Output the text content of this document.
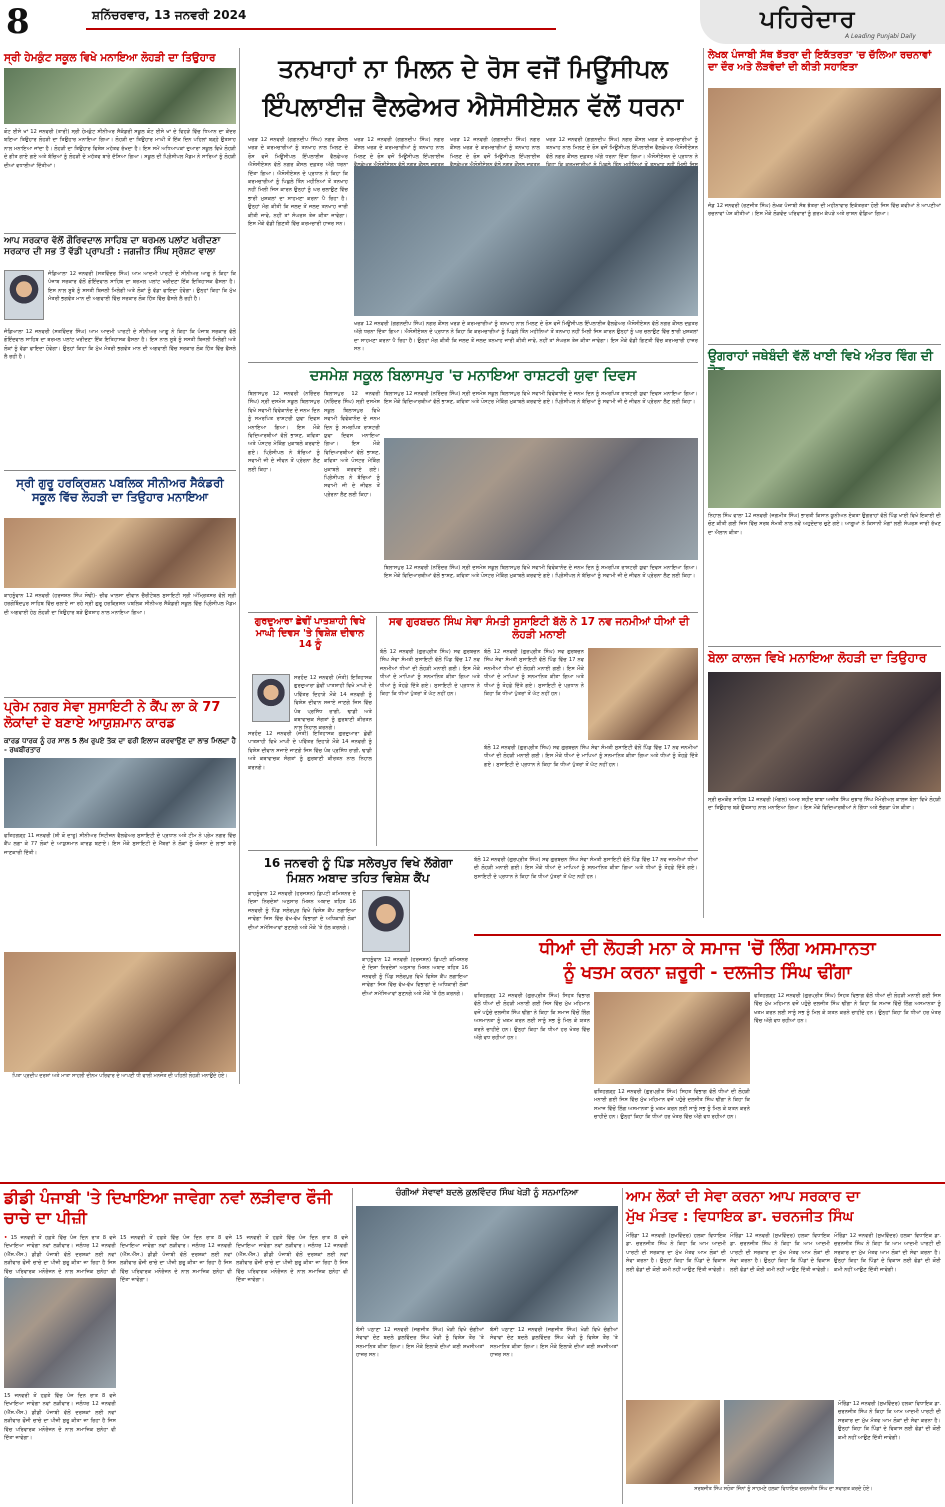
8	ਸ਼ਨਿੱਚਰਵਾਰ, 13 ਜਨਵਰੀ 2024	ਪਹਿਰੇਦਾਰ
A Leading Punjabi Daily
ਸ੍ਰੀ ਹੇਮਕੁੰਟ ਸਕੂਲ ਵਿਖੇ ਮਨਾਇਆ ਲੋਹੜੀ ਦਾ ਤਿਉਹਾਰ
ਕੋਟ ਈਸੇ ਖਾਂ 12 ਜਨਵਰੀ (ਤਾਰੀ) ਸ੍ਰੀ ਹੇਮਕੁੰਟ ਸੀਨੀਅਰ ਸੈਕੰਡਰੀ ਸਕੂਲ ਕੋਟ ਈਸੇ ਖਾਂ ਦੇ ਵਿਹੜੇ ਵਿੱਚ ਧਿਆਨ ਦਾ ਕੇਂਦਰ ਬਣਿਆ ਤਿਉਹਾਰ ਲੋਹੜੀ ਦਾ ਤਿਉਹਾਰ ਮਨਾਇਆ ਗਿਆ। ਲੋਹੜੀ ਦਾ ਤਿਉਹਾਰ ਮਾਘੀ ਤੋਂ ਇੱਕ ਦਿਨ ਪਹਿਲਾਂ ਬੜ੍ਹੇ ਉਤਸ਼ਾਹ ਨਾਲ ਮਨਾਇਆ ਜਾਂਦਾ ਹੈ। ਲੋਹੜੀ ਦਾ ਤਿਉਹਾਰ ਵਿਸ਼ੇਸ਼ ਮਹੱਤਵ ਰੱਖਦਾ ਹੈ। ਇਸ ਸਮੇਂ ਅਧਿਆਪਕਾਂ ਦੁਆਰਾ ਸਕੂਲ ਵਿਖੇ ਲੋਹੜੀ ਦੇ ਗੀਤ ਗਾਏ ਗਏ ਅਤੇ ਬੱਚਿਆਂ ਨੂੰ ਲੋਹੜੀ ਦੇ ਮਹੱਤਵ ਬਾਰੇ ਦੱਸਿਆ ਗਿਆ। ਸਕੂਲ ਦੀ ਪ੍ਰਿੰਸੀਪਲ ਮੈਡਮ ਨੇ ਸਾਰਿਆਂ ਨੂੰ ਲੋਹੜੀ ਦੀਆਂ ਵਧਾਈਆਂ ਦਿੱਤੀਆਂ।
ਆਪ ਸਰਕਾਰ ਵੱਲੋਂ ਗੌਰਿਵਦਾਲ ਸਾਹਿਬ ਦਾ ਥਰਮਲ ਪਲਾਂਟ ਖਰੀਦਣਾ ਸਰਕਾਰ ਦੀ ਸਭ ਤੋਂ ਵੱਡੀ ਪ੍ਰਾਪਤੀ : ਜਗਜੀਤ ਸਿੰਘ ਸ੍ਰੋਸ਼ਟ ਵਾਲਾ
ਜੰਡਿਆਲਾ 12 ਜਨਵਰੀ (ਸਤਵਿੰਦਰ ਸਿੰਘ) ਆਮ ਆਦਮੀ ਪਾਰਟੀ ਦੇ ਸੀਨੀਅਰ ਆਗੂ ਨੇ ਕਿਹਾ ਕਿ ਪੰਜਾਬ ਸਰਕਾਰ ਵੱਲੋਂ ਗੋਇੰਦਵਾਲ ਸਾਹਿਬ ਦਾ ਥਰਮਲ ਪਲਾਂਟ ਖਰੀਦਣਾ ਇੱਕ ਇਤਿਹਾਸਕ ਫੈਸਲਾ ਹੈ। ਇਸ ਨਾਲ ਸੂਬੇ ਨੂੰ ਸਸਤੀ ਬਿਜਲੀ ਮਿਲੇਗੀ ਅਤੇ ਲੋਕਾਂ ਨੂੰ ਵੱਡਾ ਫਾਇਦਾ ਹੋਵੇਗਾ। ਉਨ੍ਹਾਂ ਕਿਹਾ ਕਿ ਮੁੱਖ ਮੰਤਰੀ ਭਗਵੰਤ ਮਾਨ ਦੀ ਅਗਵਾਈ ਵਿੱਚ ਸਰਕਾਰ ਲੋਕ ਹਿੱਤ ਵਿੱਚ ਫੈਸਲੇ ਲੈ ਰਹੀ ਹੈ।
ਜੰਡਿਆਲਾ 12 ਜਨਵਰੀ (ਸਤਵਿੰਦਰ ਸਿੰਘ) ਆਮ ਆਦਮੀ ਪਾਰਟੀ ਦੇ ਸੀਨੀਅਰ ਆਗੂ ਨੇ ਕਿਹਾ ਕਿ ਪੰਜਾਬ ਸਰਕਾਰ ਵੱਲੋਂ ਗੋਇੰਦਵਾਲ ਸਾਹਿਬ ਦਾ ਥਰਮਲ ਪਲਾਂਟ ਖਰੀਦਣਾ ਇੱਕ ਇਤਿਹਾਸਕ ਫੈਸਲਾ ਹੈ। ਇਸ ਨਾਲ ਸੂਬੇ ਨੂੰ ਸਸਤੀ ਬਿਜਲੀ ਮਿਲੇਗੀ ਅਤੇ ਲੋਕਾਂ ਨੂੰ ਵੱਡਾ ਫਾਇਦਾ ਹੋਵੇਗਾ। ਉਨ੍ਹਾਂ ਕਿਹਾ ਕਿ ਮੁੱਖ ਮੰਤਰੀ ਭਗਵੰਤ ਮਾਨ ਦੀ ਅਗਵਾਈ ਵਿੱਚ ਸਰਕਾਰ ਲੋਕ ਹਿੱਤ ਵਿੱਚ ਫੈਸਲੇ ਲੈ ਰਹੀ ਹੈ।
ਸ੍ਰੀ ਗੁਰੂ ਹਰਕ੍ਰਿਸ਼ਨ ਪਬਲਿਕ ਸੀਨੀਅਰ ਸੈਕੰਡਰੀ ਸਕੂਲ ਵਿੱਚ ਲੋਹੜੀ ਦਾ ਤਿਉਹਾਰ ਮਨਾਇਆ
ਕਾਹਨੂੰਵਾਨ 12 ਜਨਵਰੀ (ਹਰਜਸ਼ਨ ਸਿੰਘ ਸੋਢੀ)- ਚੀਫ ਖਾਲਸਾ ਦੀਵਾਨ ਚੈਰੀਟੇਬਲ ਸੁਸਾਇਟੀ ਸ੍ਰੀ ਅੰਮ੍ਰਿਤਸਰ ਵੱਲੋਂ ਸ੍ਰੀ ਹਰਗੋਬਿੰਦਪੁਰ ਸਾਹਿਬ ਵਿੱਚ ਚਲਾਏ ਜਾ ਰਹੇ ਸ੍ਰੀ ਗੁਰੂ ਹਰਕ੍ਰਿਸ਼ਨ ਪਬਲਿਕ ਸੀਨੀਅਰ ਸੈਕੰਡਰੀ ਸਕੂਲ ਵਿੱਚ ਪ੍ਰਿੰਸੀਪਲ ਮੈਡਮ ਦੀ ਅਗਵਾਈ ਹੇਠ ਲੋਹੜੀ ਦਾ ਤਿਉਹਾਰ ਬੜੇ ਉਤਸ਼ਾਹ ਨਾਲ ਮਨਾਇਆ ਗਿਆ।
ਪ੍ਰੇਮ ਨਗਰ ਸੇਵਾ ਸੁਸਾਇਟੀ ਨੇ ਕੈਂਪ ਲਾ ਕੇ 77 ਲੋਕਾਂਦਾਂ ਦੇ ਬਣਾਏ ਆਯੁਸ਼ਮਾਨ ਕਾਰਡ
ਕਾਰਡ ਧਾਰਕ ਨੂੰ ਹਰ ਸਾਲ 5 ਲੱਖ ਰੁਪਏ ਤੱਕ ਦਾ ਫਰੀ ਇਲਾਜ ਕਰਵਾਉਣ ਦਾ ਲਾਭ ਮਿਲਦਾ ਹੈ - ਰਘਬੀਰਤਾਰ
ਫਤਿਹਗੜ੍ਹ 11 ਜਨਵਰੀ (ਸ਼ੀ ਕੋ ਦਾਤੂ) ਸੀਨੀਅਰ ਸਿਟੀਜ਼ਨ ਵੈਲਫੇਅਰ ਸੁਸਾਇਟੀ ਦੇ ਪ੍ਰਧਾਨ ਅਤੇ ਟੀਮ ਨੇ ਪ੍ਰੇਮ ਨਗਰ ਵਿੱਚ ਕੈਂਪ ਲਗਾ ਕੇ 77 ਲੋਕਾਂ ਦੇ ਆਯੁਸ਼ਮਾਨ ਕਾਰਡ ਬਣਾਏ। ਇਸ ਮੌਕੇ ਸੁਸਾਇਟੀ ਦੇ ਮੈਂਬਰਾਂ ਨੇ ਲੋਕਾਂ ਨੂੰ ਯੋਜਨਾ ਦੇ ਲਾਭਾਂ ਬਾਰੇ ਜਾਣਕਾਰੀ ਦਿੱਤੀ।
ਪਿਤਾ ਪ੍ਰਦੀਪ ਦਰਸ਼ਾਂ ਅਤੇ ਮਾਤਾ ਸਾਹਲੀ ਦੀਨਮ ਪਰਿਵਾਰ ਦੇ ਆਪਣੀ ਧੀ ਵਾਲੀ ਮਨਜੋਤ ਦੀ ਪਹਿਲੀ ਲੋਹੜੀ ਮਨਾਉਂਦੇ ਹੋਏ।
ਤਨਖਾਹਾਂ ਨਾ ਮਿਲਨ ਦੇ ਰੋਸ ਵਜੋਂ ਮਿਊਂਸੀਪਲ
ਇੰਪਲਾਈਜ਼ ਵੈਲਫੇਅਰ ਐਸੋਸੀਏਸ਼ਨ ਵੱਲੋਂ ਧਰਨਾ
ਖਰੜ 12 ਜਨਵਰੀ (ਗਗਨਦੀਪ ਸਿੰਘ) ਨਗਰ ਕੌਂਸਲ ਖਰੜ ਦੇ ਕਰਮਚਾਰੀਆਂ ਨੂੰ ਤਨਖਾਹ ਨਾਲ ਮਿਲਣ ਦੇ ਰੋਸ ਵਜੋਂ ਮਿਊਂਸੀਪਲ ਇੰਪਲਾਈਜ਼ ਵੈਲਫੇਅਰ ਐਸੋਸੀਏਸ਼ਨ ਵੱਲੋਂ ਨਗਰ ਕੌਂਸਲ ਦਫ਼ਤਰ ਅੱਗੇ ਧਰਨਾ ਦਿੱਤਾ ਗਿਆ। ਐਸੋਸੀਏਸ਼ਨ ਦੇ ਪ੍ਰਧਾਨ ਨੇ ਕਿਹਾ ਕਿ ਕਰਮਚਾਰੀਆਂ ਨੂੰ ਪਿਛਲੇ ਤਿੰਨ ਮਹੀਨਿਆਂ ਤੋਂ ਤਨਖਾਹ ਨਹੀਂ ਮਿਲੀ ਜਿਸ ਕਾਰਨ ਉਨ੍ਹਾਂ ਨੂੰ ਘਰ ਚਲਾਉਣ ਵਿੱਚ ਭਾਰੀ ਮੁਸ਼ਕਲਾਂ ਦਾ ਸਾਹਮਣਾ ਕਰਨਾ ਪੈ ਰਿਹਾ ਹੈ। ਉਨ੍ਹਾਂ ਮੰਗ ਕੀਤੀ ਕਿ ਜਲਦ ਤੋਂ ਜਲਦ ਤਨਖਾਹ ਜਾਰੀ ਕੀਤੀ ਜਾਵੇ, ਨਹੀਂ ਤਾਂ ਸੰਘਰਸ਼ ਤੇਜ਼ ਕੀਤਾ ਜਾਵੇਗਾ। ਇਸ ਮੌਕੇ ਵੱਡੀ ਗਿਣਤੀ ਵਿੱਚ ਕਰਮਚਾਰੀ ਹਾਜ਼ਰ ਸਨ।
ਖਰੜ 12 ਜਨਵਰੀ (ਗਗਨਦੀਪ ਸਿੰਘ) ਨਗਰ ਕੌਂਸਲ ਖਰੜ ਦੇ ਕਰਮਚਾਰੀਆਂ ਨੂੰ ਤਨਖਾਹ ਨਾਲ ਮਿਲਣ ਦੇ ਰੋਸ ਵਜੋਂ ਮਿਊਂਸੀਪਲ ਇੰਪਲਾਈਜ਼
ਖਰੜ 12 ਜਨਵਰੀ (ਗਗਨਦੀਪ ਸਿੰਘ) ਨਗਰ ਕੌਂਸਲ ਖਰੜ ਦੇ ਕਰਮਚਾਰੀਆਂ ਨੂੰ ਤਨਖਾਹ ਨਾਲ ਮਿਲਣ ਦੇ ਰੋਸ ਵਜੋਂ ਮਿਊਂਸੀਪਲ ਇੰਪਲਾਈਜ਼
ਖਰੜ 12 ਜਨਵਰੀ (ਗਗਨਦੀਪ ਸਿੰਘ) ਨਗਰ ਕੌਂਸਲ ਖਰੜ ਦੇ ਕਰਮਚਾਰੀਆਂ ਨੂੰ ਤਨਖਾਹ ਨਾਲ ਮਿਲਣ ਦੇ ਰੋਸ ਵਜੋਂ ਮਿਊਂਸੀਪਲ ਇੰਪਲਾਈਜ਼ ਵੈਲਫੇਅਰ ਐਸੋਸੀਏਸ਼ਨ ਵੱਲੋਂ ਨਗਰ ਕੌਂਸਲ ਦਫ਼ਤਰ ਅੱਗੇ ਧਰਨਾ ਦਿੱਤਾ ਗਿਆ। ਐਸੋਸੀਏਸ਼ਨ ਦੇ ਪ੍ਰਧਾਨ ਨੇ
ਖਰੜ 12 ਜਨਵਰੀ (ਗਗਨਦੀਪ ਸਿੰਘ) ਨਗਰ ਕੌਂਸਲ ਖਰੜ ਦੇ ਕਰਮਚਾਰੀਆਂ ਨੂੰ ਤਨਖਾਹ ਨਾਲ ਮਿਲਣ ਦੇ ਰੋਸ ਵਜੋਂ ਮਿਊਂਸੀਪਲ ਇੰਪਲਾਈਜ਼ ਵੈਲਫੇਅਰ ਐਸੋਸੀਏਸ਼ਨ ਵੱਲੋਂ ਨਗਰ ਕੌਂਸਲ ਦਫ਼ਤਰ ਅੱਗੇ ਧਰਨਾ ਦਿੱਤਾ ਗਿਆ। ਐਸੋਸੀਏਸ਼ਨ ਦੇ ਪ੍ਰਧਾਨ ਨੇ ਕਿਹਾ ਕਿ ਕਰਮਚਾਰੀਆਂ ਨੂੰ ਪਿਛਲੇ ਤਿੰਨ ਮਹੀਨਿਆਂ ਤੋਂ ਤਨਖਾਹ ਨਹੀਂ ਮਿਲੀ ਜਿਸ ਕਾਰਨ ਉਨ੍ਹਾਂ ਨੂੰ ਘਰ ਚਲਾਉਣ ਵਿੱਚ ਭਾਰੀ ਮੁਸ਼ਕਲਾਂ ਦਾ ਸਾਹਮਣਾ ਕਰਨਾ ਪੈ ਰਿਹਾ ਹੈ। ਉਨ੍ਹਾਂ ਮੰਗ ਕੀਤੀ ਕਿ ਜਲਦ ਤੋਂ ਜਲਦ ਤਨਖਾਹ ਜਾਰੀ ਕੀਤੀ ਜਾਵੇ, ਨਹੀਂ ਤਾਂ ਸੰਘਰਸ਼ ਤੇਜ਼ ਕੀਤਾ ਜਾਵੇਗਾ। ਇਸ ਮੌਕੇ ਵੱਡੀ ਗਿਣਤੀ ਵਿੱਚ ਕਰਮਚਾਰੀ ਹਾਜ਼ਰ ਸਨ।
ਦਸਮੇਸ਼ ਸਕੂਲ ਬਿਲਾਸਪੁਰ 'ਚ ਮਨਾਇਆ ਰਾਸ਼ਟਰੀ ਯੁਵਾ ਦਿਵਸ
ਬਿਲਾਸਪੁਰ 12 ਜਨਵਰੀ (ਨਰਿੰਦਰ ਸਿੰਘ) ਸ੍ਰੀ ਦਸਮੇਸ਼ ਸਕੂਲ ਬਿਲਾਸਪੁਰ ਵਿਖੇ ਸਵਾਮੀ ਵਿਵੇਕਾਨੰਦ ਦੇ ਜਨਮ ਦਿਨ ਨੂੰ ਸਮਰਪਿਤ ਰਾਸ਼ਟਰੀ ਯੁਵਾ ਦਿਵਸ ਮਨਾਇਆ ਗਿਆ। ਇਸ ਮੌਕੇ ਵਿਦਿਆਰਥੀਆਂ ਵੱਲੋਂ ਭਾਸ਼ਣ, ਕਵਿਤਾ ਅਤੇ ਪੋਸਟਰ ਮੇਕਿੰਗ ਮੁਕਾਬਲੇ ਕਰਵਾਏ ਗਏ। ਪ੍ਰਿੰਸੀਪਲ ਨੇ ਬੱਚਿਆਂ ਨੂੰ ਸਵਾਮੀ ਜੀ ਦੇ ਜੀਵਨ ਤੋਂ ਪ੍ਰੇਰਨਾ ਲੈਣ ਲਈ ਕਿਹਾ।
ਬਿਲਾਸਪੁਰ 12 ਜਨਵਰੀ (ਨਰਿੰਦਰ ਸਿੰਘ) ਸ੍ਰੀ ਦਸਮੇਸ਼ ਸਕੂਲ ਬਿਲਾਸਪੁਰ ਵਿਖੇ ਸਵਾਮੀ ਵਿਵੇਕਾਨੰਦ ਦੇ ਜਨਮ ਦਿਨ ਨੂੰ ਸਮਰਪਿਤ ਰਾਸ਼ਟਰੀ ਯੁਵਾ ਦਿਵਸ ਮਨਾਇਆ ਗਿਆ। ਇਸ ਮੌਕੇ ਵਿਦਿਆਰਥੀਆਂ ਵੱਲੋਂ ਭਾਸ਼ਣ, ਕਵਿਤਾ ਅਤੇ ਪੋਸਟਰ ਮੇਕਿੰਗ ਮੁਕਾਬਲੇ ਕਰਵਾਏ ਗਏ। ਪ੍ਰਿੰਸੀਪਲ ਨੇ ਬੱਚਿਆਂ ਨੂੰ ਸਵਾਮੀ ਜੀ ਦੇ ਜੀਵਨ ਤੋਂ ਪ੍ਰੇਰਨਾ ਲੈਣ ਲਈ ਕਿਹਾ।
ਬਿਲਾਸਪੁਰ 12 ਜਨਵਰੀ (ਨਰਿੰਦਰ ਸਿੰਘ) ਸ੍ਰੀ ਦਸਮੇਸ਼ ਸਕੂਲ ਬਿਲਾਸਪੁਰ ਵਿਖੇ ਸਵਾਮੀ ਵਿਵੇਕਾਨੰਦ ਦੇ ਜਨਮ ਦਿਨ ਨੂੰ ਸਮਰਪਿਤ ਰਾਸ਼ਟਰੀ ਯੁਵਾ ਦਿਵਸ ਮਨਾਇਆ ਗਿਆ। ਇਸ ਮੌਕੇ ਵਿਦਿਆਰਥੀਆਂ ਵੱਲੋਂ ਭਾਸ਼ਣ, ਕਵਿਤਾ ਅਤੇ ਪੋਸਟਰ ਮੇਕਿੰਗ ਮੁਕਾਬਲੇ ਕਰਵਾਏ ਗਏ। ਪ੍ਰਿੰਸੀਪਲ ਨੇ ਬੱਚਿਆਂ ਨੂੰ ਸਵਾਮੀ ਜੀ ਦੇ ਜੀਵਨ ਤੋਂ ਪ੍ਰੇਰਨਾ ਲੈਣ ਲਈ ਕਿਹਾ।
ਬਿਲਾਸਪੁਰ 12 ਜਨਵਰੀ (ਨਰਿੰਦਰ ਸਿੰਘ) ਸ੍ਰੀ ਦਸਮੇਸ਼ ਸਕੂਲ ਬਿਲਾਸਪੁਰ ਵਿਖੇ ਸਵਾਮੀ ਵਿਵੇਕਾਨੰਦ ਦੇ ਜਨਮ ਦਿਨ ਨੂੰ ਸਮਰਪਿਤ ਰਾਸ਼ਟਰੀ ਯੁਵਾ ਦਿਵਸ ਮਨਾਇਆ ਗਿਆ। ਇਸ ਮੌਕੇ ਵਿਦਿਆਰਥੀਆਂ ਵੱਲੋਂ ਭਾਸ਼ਣ, ਕਵਿਤਾ ਅਤੇ ਪੋਸਟਰ ਮੇਕਿੰਗ ਮੁਕਾਬਲੇ ਕਰਵਾਏ ਗਏ। ਪ੍ਰਿੰਸੀਪਲ ਨੇ ਬੱਚਿਆਂ ਨੂੰ ਸਵਾਮੀ ਜੀ ਦੇ ਜੀਵਨ ਤੋਂ ਪ੍ਰੇਰਨਾ ਲੈਣ ਲਈ ਕਿਹਾ।
ਗੁਰਦੁਆਰਾ ਛੇਵੀਂ ਪਾਤਸ਼ਾਹੀ ਵਿਖੇ ਮਾਘੀ ਦਿਵਸ 'ਤੇ ਵਿਸ਼ੇਸ਼ ਦੀਵਾਨ 14 ਨੂੰ
ਸਰਹੰਦ 12 ਜਨਵਰੀ (ਜੋਤੀ) ਇਤਿਹਾਸਕ ਗੁਰਦੁਆਰਾ ਛੇਵੀਂ ਪਾਤਸ਼ਾਹੀ ਵਿਖੇ ਮਾਘੀ ਦੇ ਪਵਿੱਤਰ ਦਿਹਾੜੇ ਮੌਕੇ 14 ਜਨਵਰੀ ਨੂੰ ਵਿਸ਼ੇਸ਼ ਦੀਵਾਨ ਸਜਾਏ ਜਾਣਗੇ ਜਿਸ ਵਿੱਚ ਪੰਥ ਪ੍ਰਸਿੱਧ ਰਾਗੀ, ਢਾਡੀ ਅਤੇ ਕਥਾਵਾਚਕ ਸੰਗਤਾਂ ਨੂੰ ਗੁਰਬਾਣੀ ਕੀਰਤਨ ਨਾਲ ਨਿਹਾਲ ਕਰਨਗੇ।
ਸਰਹੰਦ 12 ਜਨਵਰੀ (ਜੋਤੀ) ਇਤਿਹਾਸਕ ਗੁਰਦੁਆਰਾ ਛੇਵੀਂ ਪਾਤਸ਼ਾਹੀ ਵਿਖੇ ਮਾਘੀ ਦੇ ਪਵਿੱਤਰ ਦਿਹਾੜੇ ਮੌਕੇ 14 ਜਨਵਰੀ ਨੂੰ ਵਿਸ਼ੇਸ਼ ਦੀਵਾਨ ਸਜਾਏ ਜਾਣਗੇ ਜਿਸ ਵਿੱਚ ਪੰਥ ਪ੍ਰਸਿੱਧ ਰਾਗੀ, ਢਾਡੀ ਅਤੇ ਕਥਾਵਾਚਕ ਸੰਗਤਾਂ ਨੂੰ ਗੁਰਬਾਣੀ ਕੀਰਤਨ ਨਾਲ ਨਿਹਾਲ ਕਰਨਗੇ।
ਸਵ ਗੁਰਬਚਨ ਸਿੰਘ ਸੇਵਾ ਸੰਮਤੀ ਸੁਸਾਇਟੀ ਬੱਲੋ ਨੇ 17 ਨਵ ਜਨਮੀਆਂ ਧੀਆਂ ਦੀ ਲੋਹੜੀ ਮਨਾਈ
ਬੱਲੋ 12 ਜਨਵਰੀ (ਗੁਰਪ੍ਰੀਤ ਸਿੰਘ) ਸਵ ਗੁਰਬਚਨ ਸਿੰਘ ਸੇਵਾ ਸੰਮਤੀ ਸੁਸਾਇਟੀ ਵੱਲੋਂ ਪਿੰਡ ਵਿੱਚ 17 ਨਵ ਜਨਮੀਆਂ ਧੀਆਂ ਦੀ ਲੋਹੜੀ ਮਨਾਈ ਗਈ। ਇਸ ਮੌਕੇ ਧੀਆਂ ਦੇ ਮਾਪਿਆਂ ਨੂੰ ਸਨਮਾਨਿਤ ਕੀਤਾ ਗਿਆ ਅਤੇ ਧੀਆਂ ਨੂੰ ਤੋਹਫ਼ੇ ਦਿੱਤੇ ਗਏ। ਸੁਸਾਇਟੀ ਦੇ ਪ੍ਰਧਾਨ ਨੇ ਕਿਹਾ ਕਿ ਧੀਆਂ ਪੁੱਤਰਾਂ ਤੋਂ ਘੱਟ ਨਹੀਂ ਹਨ।
ਬੱਲੋ 12 ਜਨਵਰੀ (ਗੁਰਪ੍ਰੀਤ ਸਿੰਘ) ਸਵ ਗੁਰਬਚਨ ਸਿੰਘ ਸੇਵਾ ਸੰਮਤੀ ਸੁਸਾਇਟੀ ਵੱਲੋਂ ਪਿੰਡ ਵਿੱਚ 17 ਨਵ ਜਨਮੀਆਂ ਧੀਆਂ ਦੀ ਲੋਹੜੀ ਮਨਾਈ ਗਈ। ਇਸ ਮੌਕੇ ਧੀਆਂ ਦੇ ਮਾਪਿਆਂ ਨੂੰ ਸਨਮਾਨਿਤ ਕੀਤਾ ਗਿਆ ਅਤੇ ਧੀਆਂ ਨੂੰ ਤੋਹਫ਼ੇ ਦਿੱਤੇ ਗਏ। ਸੁਸਾਇਟੀ ਦੇ ਪ੍ਰਧਾਨ ਨੇ ਕਿਹਾ ਕਿ ਧੀਆਂ ਪੁੱਤਰਾਂ ਤੋਂ ਘੱਟ ਨਹੀਂ ਹਨ।
ਬੱਲੋ 12 ਜਨਵਰੀ (ਗੁਰਪ੍ਰੀਤ ਸਿੰਘ) ਸਵ ਗੁਰਬਚਨ ਸਿੰਘ ਸੇਵਾ ਸੰਮਤੀ ਸੁਸਾਇਟੀ ਵੱਲੋਂ ਪਿੰਡ ਵਿੱਚ 17 ਨਵ ਜਨਮੀਆਂ ਧੀਆਂ ਦੀ ਲੋਹੜੀ ਮਨਾਈ ਗਈ। ਇਸ ਮੌਕੇ ਧੀਆਂ ਦੇ ਮਾਪਿਆਂ ਨੂੰ ਸਨਮਾਨਿਤ ਕੀਤਾ ਗਿਆ ਅਤੇ ਧੀਆਂ ਨੂੰ ਤੋਹਫ਼ੇ ਦਿੱਤੇ ਗਏ। ਸੁਸਾਇਟੀ ਦੇ ਪ੍ਰਧਾਨ ਨੇ ਕਿਹਾ ਕਿ ਧੀਆਂ ਪੁੱਤਰਾਂ ਤੋਂ ਘੱਟ ਨਹੀਂ ਹਨ।
16 ਜਨਵਰੀ ਨੂੰ ਪਿੰਡ ਸਲੇਰਪੁਰ ਵਿਖੇ ਲੱਗੇਗਾ ਮਿਸ਼ਨ ਅਬਾਦ ਤਹਿਤ ਵਿਸ਼ੇਸ਼ ਕੈਂਪ
ਕਾਹਨੂੰਵਾਨ 12 ਜਨਵਰੀ (ਹਰਜਸ਼ਨ) ਡਿਪਟੀ ਕਮਿਸ਼ਨਰ ਦੇ ਦਿਸ਼ਾ ਨਿਰਦੇਸ਼ਾਂ ਅਨੁਸਾਰ ਮਿਸ਼ਨ ਅਬਾਦ ਤਹਿਤ 16 ਜਨਵਰੀ ਨੂੰ ਪਿੰਡ ਸਲੇਰਪੁਰ ਵਿਖੇ ਵਿਸ਼ੇਸ਼ ਕੈਂਪ ਲਗਾਇਆ ਜਾਵੇਗਾ ਜਿਸ ਵਿੱਚ ਵੱਖ-ਵੱਖ ਵਿਭਾਗਾਂ ਦੇ ਅਧਿਕਾਰੀ ਲੋਕਾਂ ਦੀਆਂ ਸਮੱਸਿਆਵਾਂ ਸੁਣਨਗੇ ਅਤੇ ਮੌਕੇ 'ਤੇ ਹੱਲ ਕਰਨਗੇ।
ਕਾਹਨੂੰਵਾਨ 12 ਜਨਵਰੀ (ਹਰਜਸ਼ਨ) ਡਿਪਟੀ ਕਮਿਸ਼ਨਰ ਦੇ ਦਿਸ਼ਾ ਨਿਰਦੇਸ਼ਾਂ ਅਨੁਸਾਰ ਮਿਸ਼ਨ ਅਬਾਦ ਤਹਿਤ 16 ਜਨਵਰੀ ਨੂੰ ਪਿੰਡ ਸਲੇਰਪੁਰ ਵਿਖੇ ਵਿਸ਼ੇਸ਼ ਕੈਂਪ ਲਗਾਇਆ ਜਾਵੇਗਾ ਜਿਸ ਵਿੱਚ ਵੱਖ-ਵੱਖ ਵਿਭਾਗਾਂ ਦੇ ਅਧਿਕਾਰੀ ਲੋਕਾਂ ਦੀਆਂ ਸਮੱਸਿਆਵਾਂ ਸੁਣਨਗੇ ਅਤੇ ਮੌਕੇ 'ਤੇ ਹੱਲ ਕਰਨਗੇ।
ਬੱਲੋ 12 ਜਨਵਰੀ (ਗੁਰਪ੍ਰੀਤ ਸਿੰਘ) ਸਵ ਗੁਰਬਚਨ ਸਿੰਘ ਸੇਵਾ ਸੰਮਤੀ ਸੁਸਾਇਟੀ ਵੱਲੋਂ ਪਿੰਡ ਵਿੱਚ 17 ਨਵ ਜਨਮੀਆਂ ਧੀਆਂ ਦੀ ਲੋਹੜੀ ਮਨਾਈ ਗਈ। ਇਸ ਮੌਕੇ ਧੀਆਂ ਦੇ ਮਾਪਿਆਂ ਨੂੰ ਸਨਮਾਨਿਤ ਕੀਤਾ ਗਿਆ ਅਤੇ ਧੀਆਂ ਨੂੰ ਤੋਹਫ਼ੇ ਦਿੱਤੇ ਗਏ। ਸੁਸਾਇਟੀ ਦੇ ਪ੍ਰਧਾਨ ਨੇ ਕਿਹਾ ਕਿ ਧੀਆਂ ਪੁੱਤਰਾਂ ਤੋਂ ਘੱਟ ਨਹੀਂ ਹਨ।
ਲੇਖਕ ਪੰਜਾਬੀ ਸੱਥ ਝੱਤਰਾ ਦੀ ਇਕੱਤਰਤਾ 'ਚ ਚੱਲਿਆ ਰਚਨਾਵਾਂ ਦਾ ਦੌਰ ਅਤੇ ਲੋੜਵੰਦਾਂ ਦੀ ਕੀਤੀ ਸਹਾਇਤਾ
ਜੰਡ 12 ਜਨਵਰੀ (ਰਣਜੀਤ ਸਿੰਘ) ਲੇਖਕ ਪੰਜਾਬੀ ਸੱਥ ਝੱਤਰਾ ਦੀ ਮਹੀਨਾਵਾਰ ਇਕੱਤਰਤਾ ਹੋਈ ਜਿਸ ਵਿੱਚ ਕਵੀਆਂ ਨੇ ਆਪਣੀਆਂ ਰਚਨਾਵਾਂ ਪੇਸ਼ ਕੀਤੀਆਂ। ਇਸ ਮੌਕੇ ਲੋੜਵੰਦ ਪਰਿਵਾਰਾਂ ਨੂੰ ਗਰਮ ਕੱਪੜੇ ਅਤੇ ਰਾਸ਼ਨ ਵੰਡਿਆ ਗਿਆ।
ਉਗਰਾਹਾਂ ਜਥੇਬੰਦੀ ਵੱਲੋਂ ਖਾਈ ਵਿਖੇ ਅੰਤਰ ਵਿੰਗ ਦੀ
ਨਿਹਾਲ ਸਿੰਘ ਵਾਲਾ 12 ਜਨਵਰੀ (ਜਗਮੀਤ ਸਿੰਘ) ਭਾਰਤੀ ਕਿਸਾਨ ਯੂਨੀਅਨ ਏਕਤਾ ਉਗਰਾਹਾਂ ਵੱਲੋਂ ਪਿੰਡ ਖਾਈ ਵਿਖੇ ਇਕਾਈ ਦੀ ਚੋਣ ਕੀਤੀ ਗਈ ਜਿਸ ਵਿੱਚ ਸਰਬ ਸੰਮਤੀ ਨਾਲ ਨਵੇਂ ਅਹੁਦੇਦਾਰ ਚੁਣੇ ਗਏ। ਆਗੂਆਂ ਨੇ ਕਿਸਾਨੀ ਮੰਗਾਂ ਲਈ ਸੰਘਰਸ਼ ਜਾਰੀ ਰੱਖਣ ਦਾ ਐਲਾਨ ਕੀਤਾ।
ਬੇਲਾ ਕਾਲਜ ਵਿਖੇ ਮਨਾਇਆ ਲੋਹੜੀ ਦਾ ਤਿਉਹਾਰ
ਸ੍ਰੀ ਚਮਕੌਰ ਸਾਹਿਬ 12 ਜਨਵਰੀ (ਮੰਗਲ) ਅਮਰ ਸ਼ਹੀਦ ਬਾਬਾ ਅਜੀਤ ਸਿੰਘ ਜੁਝਾਰ ਸਿੰਘ ਮੈਮੋਰੀਅਲ ਕਾਲਜ ਬੇਲਾ ਵਿਖੇ ਲੋਹੜੀ ਦਾ ਤਿਉਹਾਰ ਬੜੇ ਉਤਸ਼ਾਹ ਨਾਲ ਮਨਾਇਆ ਗਿਆ। ਇਸ ਮੌਕੇ ਵਿਦਿਆਰਥੀਆਂ ਨੇ ਗਿੱਧਾ ਅਤੇ ਭੰਗੜਾ ਪੇਸ਼ ਕੀਤਾ।
ਧੀਆਂ ਦੀ ਲੋਹੜੀ ਮਨਾ ਕੇ ਸਮਾਜ 'ਚੋਂ ਲਿੰਗ ਅਸਮਾਨਤਾ
ਨੂੰ ਖਤਮ ਕਰਨਾ ਜ਼ਰੂਰੀ - ਦਲਜੀਤ ਸਿੰਘ ਢੀਂਗਾ
ਫਤਿਹਗੜ੍ਹ 12 ਜਨਵਰੀ (ਗੁਰਪ੍ਰੀਤ ਸਿੰਘ) ਸਿਹਤ ਵਿਭਾਗ ਵੱਲੋਂ ਧੀਆਂ ਦੀ ਲੋਹੜੀ ਮਨਾਈ ਗਈ ਜਿਸ ਵਿੱਚ ਮੁੱਖ ਮਹਿਮਾਨ ਵਜੋਂ ਪਹੁੰਚੇ ਦਲਜੀਤ ਸਿੰਘ ਢੀਂਗਾ ਨੇ ਕਿਹਾ ਕਿ ਸਮਾਜ ਵਿੱਚੋਂ ਲਿੰਗ ਅਸਮਾਨਤਾ ਨੂੰ ਖਤਮ ਕਰਨ ਲਈ ਸਾਨੂੰ ਸਭ ਨੂੰ ਮਿਲ ਕੇ ਯਤਨ ਕਰਨੇ ਚਾਹੀਦੇ ਹਨ। ਉਨ੍ਹਾਂ ਕਿਹਾ ਕਿ ਧੀਆਂ ਹਰ ਖੇਤਰ ਵਿੱਚ ਅੱਗੇ ਵਧ ਰਹੀਆਂ ਹਨ।
ਫਤਿਹਗੜ੍ਹ 12 ਜਨਵਰੀ (ਗੁਰਪ੍ਰੀਤ ਸਿੰਘ) ਸਿਹਤ ਵਿਭਾਗ ਵੱਲੋਂ ਧੀਆਂ ਦੀ ਲੋਹੜੀ ਮਨਾਈ ਗਈ ਜਿਸ ਵਿੱਚ ਮੁੱਖ ਮਹਿਮਾਨ ਵਜੋਂ ਪਹੁੰਚੇ ਦਲਜੀਤ ਸਿੰਘ ਢੀਂਗਾ ਨੇ ਕਿਹਾ ਕਿ ਸਮਾਜ ਵਿੱਚੋਂ ਲਿੰਗ ਅਸਮਾਨਤਾ ਨੂੰ ਖਤਮ ਕਰਨ ਲਈ ਸਾਨੂੰ ਸਭ ਨੂੰ ਮਿਲ ਕੇ ਯਤਨ ਕਰਨੇ ਚਾਹੀਦੇ ਹਨ। ਉਨ੍ਹਾਂ ਕਿਹਾ ਕਿ ਧੀਆਂ ਹਰ ਖੇਤਰ ਵਿੱਚ ਅੱਗੇ ਵਧ ਰਹੀਆਂ ਹਨ।
ਫਤਿਹਗੜ੍ਹ 12 ਜਨਵਰੀ (ਗੁਰਪ੍ਰੀਤ ਸਿੰਘ) ਸਿਹਤ ਵਿਭਾਗ ਵੱਲੋਂ ਧੀਆਂ ਦੀ ਲੋਹੜੀ ਮਨਾਈ ਗਈ ਜਿਸ ਵਿੱਚ ਮੁੱਖ ਮਹਿਮਾਨ ਵਜੋਂ ਪਹੁੰਚੇ ਦਲਜੀਤ ਸਿੰਘ ਢੀਂਗਾ ਨੇ ਕਿਹਾ ਕਿ ਸਮਾਜ ਵਿੱਚੋਂ ਲਿੰਗ ਅਸਮਾਨਤਾ ਨੂੰ ਖਤਮ ਕਰਨ ਲਈ ਸਾਨੂੰ ਸਭ ਨੂੰ ਮਿਲ ਕੇ ਯਤਨ ਕਰਨੇ ਚਾਹੀਦੇ ਹਨ। ਉਨ੍ਹਾਂ ਕਿਹਾ ਕਿ ਧੀਆਂ ਹਰ ਖੇਤਰ ਵਿੱਚ ਅੱਗੇ ਵਧ ਰਹੀਆਂ ਹਨ।
ਡੀਡੀ ਪੰਜਾਬੀ 'ਤੇ ਦਿਖਾਇਆ ਜਾਵੇਗਾ ਨਵਾਂ ਲੜੀਵਾਰ ਫੌਜੀ ਚਾਚੇ ਦਾ ਪੀਜ਼ੀ
• 15 ਜਨਵਰੀ ਤੋਂ ਹਫ਼ਤੇ ਵਿੱਚ ਪੰਜ ਦਿਨ ਰਾਤ 8 ਵਜੇ ਦਿਖਾਇਆ ਜਾਵੇਗਾ ਨਵਾਂ ਲੜੀਵਾਰ। ਜਲੰਧਰ 12 ਜਨਵਰੀ (ਐੱਸ.ਐੱਸ.) ਡੀਡੀ ਪੰਜਾਬੀ ਵੱਲੋਂ ਦਰਸ਼ਕਾਂ ਲਈ ਨਵਾਂ ਲੜੀਵਾਰ ਫੌਜੀ ਚਾਚੇ ਦਾ ਪੀਜ਼ੀ ਸ਼ੁਰੂ ਕੀਤਾ ਜਾ ਰਿਹਾ ਹੈ ਜਿਸ ਵਿੱਚ ਪਰਿਵਾਰਕ ਮਨੋਰੰਜਨ ਦੇ ਨਾਲ ਸਮਾਜਿਕ ਸੁਨੇਹਾ ਵੀ
15 ਜਨਵਰੀ ਤੋਂ ਹਫ਼ਤੇ ਵਿੱਚ ਪੰਜ ਦਿਨ ਰਾਤ 8 ਵਜੇ ਦਿਖਾਇਆ ਜਾਵੇਗਾ ਨਵਾਂ ਲੜੀਵਾਰ। ਜਲੰਧਰ 12 ਜਨਵਰੀ (ਐੱਸ.ਐੱਸ.) ਡੀਡੀ ਪੰਜਾਬੀ ਵੱਲੋਂ ਦਰਸ਼ਕਾਂ ਲਈ ਨਵਾਂ ਲੜੀਵਾਰ ਫੌਜੀ ਚਾਚੇ ਦਾ ਪੀਜ਼ੀ ਸ਼ੁਰੂ ਕੀਤਾ ਜਾ ਰਿਹਾ ਹੈ ਜਿਸ ਵਿੱਚ ਪਰਿਵਾਰਕ ਮਨੋਰੰਜਨ ਦੇ ਨਾਲ ਸਮਾਜਿਕ ਸੁਨੇਹਾ ਵੀ ਦਿੱਤਾ ਜਾਵੇਗਾ।
15 ਜਨਵਰੀ ਤੋਂ ਹਫ਼ਤੇ ਵਿੱਚ ਪੰਜ ਦਿਨ ਰਾਤ 8 ਵਜੇ ਦਿਖਾਇਆ ਜਾਵੇਗਾ ਨਵਾਂ ਲੜੀਵਾਰ। ਜਲੰਧਰ 12 ਜਨਵਰੀ (ਐੱਸ.ਐੱਸ.) ਡੀਡੀ ਪੰਜਾਬੀ ਵੱਲੋਂ ਦਰਸ਼ਕਾਂ ਲਈ ਨਵਾਂ ਲੜੀਵਾਰ ਫੌਜੀ ਚਾਚੇ ਦਾ ਪੀਜ਼ੀ ਸ਼ੁਰੂ ਕੀਤਾ ਜਾ ਰਿਹਾ ਹੈ ਜਿਸ ਵਿੱਚ ਪਰਿਵਾਰਕ ਮਨੋਰੰਜਨ ਦੇ ਨਾਲ ਸਮਾਜਿਕ ਸੁਨੇਹਾ ਵੀ ਦਿੱਤਾ ਜਾਵੇਗਾ।
15 ਜਨਵਰੀ ਤੋਂ ਹਫ਼ਤੇ ਵਿੱਚ ਪੰਜ ਦਿਨ ਰਾਤ 8 ਵਜੇ ਦਿਖਾਇਆ ਜਾਵੇਗਾ ਨਵਾਂ ਲੜੀਵਾਰ। ਜਲੰਧਰ 12 ਜਨਵਰੀ (ਐੱਸ.ਐੱਸ.) ਡੀਡੀ ਪੰਜਾਬੀ ਵੱਲੋਂ ਦਰਸ਼ਕਾਂ ਲਈ ਨਵਾਂ ਲੜੀਵਾਰ ਫੌਜੀ ਚਾਚੇ ਦਾ ਪੀਜ਼ੀ ਸ਼ੁਰੂ ਕੀਤਾ ਜਾ ਰਿਹਾ ਹੈ ਜਿਸ ਵਿੱਚ ਪਰਿਵਾਰਕ ਮਨੋਰੰਜਨ ਦੇ ਨਾਲ ਸਮਾਜਿਕ ਸੁਨੇਹਾ ਵੀ ਦਿੱਤਾ ਜਾਵੇਗਾ।
ਚੰਗੀਆਂ ਸੇਵਾਵਾਂ ਬਦਲੇ ਕੁਲਵਿੰਦਰ ਸਿੰਘ ਖੇੜੀ ਨੂੰ ਸਨਮਾਨਿਆ
ਬੱਸੀ ਪਠਾਣਾ 12 ਜਨਵਰੀ (ਜਗਜੀਤ ਸਿੰਘ) ਖੇੜੀ ਵਿਖੇ ਚੰਗੀਆਂ ਸੇਵਾਵਾਂ ਦੇਣ ਬਦਲੇ ਕੁਲਵਿੰਦਰ ਸਿੰਘ ਖੇੜੀ ਨੂੰ ਵਿਸ਼ੇਸ਼ ਤੌਰ 'ਤੇ ਸਨਮਾਨਿਤ ਕੀਤਾ ਗਿਆ। ਇਸ ਮੌਕੇ ਇਲਾਕੇ ਦੀਆਂ ਕਈ ਸ਼ਖਸੀਅਤਾਂ ਹਾਜ਼ਰ ਸਨ।
ਬੱਸੀ ਪਠਾਣਾ 12 ਜਨਵਰੀ (ਜਗਜੀਤ ਸਿੰਘ) ਖੇੜੀ ਵਿਖੇ ਚੰਗੀਆਂ ਸੇਵਾਵਾਂ ਦੇਣ ਬਦਲੇ ਕੁਲਵਿੰਦਰ ਸਿੰਘ ਖੇੜੀ ਨੂੰ ਵਿਸ਼ੇਸ਼ ਤੌਰ 'ਤੇ ਸਨਮਾਨਿਤ ਕੀਤਾ ਗਿਆ। ਇਸ ਮੌਕੇ ਇਲਾਕੇ ਦੀਆਂ ਕਈ ਸ਼ਖਸੀਅਤਾਂ ਹਾਜ਼ਰ ਸਨ।
ਆਮ ਲੋਕਾਂ ਦੀ ਸੇਵਾ ਕਰਨਾ ਆਪ ਸਰਕਾਰ ਦਾ
ਮੁੱਖ ਮੰਤਵ : ਵਿਧਾਇਕ ਡਾ. ਚਰਨਜੀਤ ਸਿੰਘ
ਮੋਰਿੰਡਾ 12 ਜਨਵਰੀ (ਸੁਖਵਿੰਦਰ) ਹਲਕਾ ਵਿਧਾਇਕ ਡਾ. ਚਰਨਜੀਤ ਸਿੰਘ ਨੇ ਕਿਹਾ ਕਿ ਆਮ ਆਦਮੀ ਪਾਰਟੀ ਦੀ ਸਰਕਾਰ ਦਾ ਮੁੱਖ ਮੰਤਵ ਆਮ ਲੋਕਾਂ ਦੀ ਸੇਵਾ ਕਰਨਾ ਹੈ। ਉਨ੍ਹਾਂ ਕਿਹਾ ਕਿ ਪਿੰਡਾਂ ਦੇ ਵਿਕਾਸ ਲਈ ਫੰਡਾਂ ਦੀ ਕੋਈ ਕਮੀ ਨਹੀਂ ਆਉਣ ਦਿੱਤੀ ਜਾਵੇਗੀ।
ਮੋਰਿੰਡਾ 12 ਜਨਵਰੀ (ਸੁਖਵਿੰਦਰ) ਹਲਕਾ ਵਿਧਾਇਕ ਡਾ. ਚਰਨਜੀਤ ਸਿੰਘ ਨੇ ਕਿਹਾ ਕਿ ਆਮ ਆਦਮੀ ਪਾਰਟੀ ਦੀ ਸਰਕਾਰ ਦਾ ਮੁੱਖ ਮੰਤਵ ਆਮ ਲੋਕਾਂ ਦੀ ਸੇਵਾ ਕਰਨਾ ਹੈ। ਉਨ੍ਹਾਂ ਕਿਹਾ ਕਿ ਪਿੰਡਾਂ ਦੇ ਵਿਕਾਸ ਲਈ ਫੰਡਾਂ ਦੀ ਕੋਈ ਕਮੀ ਨਹੀਂ ਆਉਣ ਦਿੱਤੀ ਜਾਵੇਗੀ।
ਮੋਰਿੰਡਾ 12 ਜਨਵਰੀ (ਸੁਖਵਿੰਦਰ) ਹਲਕਾ ਵਿਧਾਇਕ ਡਾ. ਚਰਨਜੀਤ ਸਿੰਘ ਨੇ ਕਿਹਾ ਕਿ ਆਮ ਆਦਮੀ ਪਾਰਟੀ ਦੀ ਸਰਕਾਰ ਦਾ ਮੁੱਖ ਮੰਤਵ ਆਮ ਲੋਕਾਂ ਦੀ ਸੇਵਾ ਕਰਨਾ ਹੈ। ਉਨ੍ਹਾਂ ਕਿਹਾ ਕਿ ਪਿੰਡਾਂ ਦੇ ਵਿਕਾਸ ਲਈ ਫੰਡਾਂ ਦੀ ਕੋਈ ਕਮੀ ਨਹੀਂ ਆਉਣ ਦਿੱਤੀ ਜਾਵੇਗੀ।
ਮੋਰਿੰਡਾ 12 ਜਨਵਰੀ (ਸੁਖਵਿੰਦਰ) ਹਲਕਾ ਵਿਧਾਇਕ ਡਾ. ਚਰਨਜੀਤ ਸਿੰਘ ਨੇ ਕਿਹਾ ਕਿ ਆਮ ਆਦਮੀ ਪਾਰਟੀ ਦੀ ਸਰਕਾਰ ਦਾ ਮੁੱਖ ਮੰਤਵ ਆਮ ਲੋਕਾਂ ਦੀ ਸੇਵਾ ਕਰਨਾ ਹੈ। ਉਨ੍ਹਾਂ ਕਿਹਾ ਕਿ ਪਿੰਡਾਂ ਦੇ ਵਿਕਾਸ ਲਈ ਫੰਡਾਂ ਦੀ ਕੋਈ ਕਮੀ ਨਹੀਂ ਆਉਣ ਦਿੱਤੀ ਜਾਵੇਗੀ।
ਸਰਬਜੀਤ ਸਿੰਘ ਸਹੋਤਾ ਜਿੰਨਾਂ ਨੂੰ ਸਾਹਮਣੇ ਹਲਕਾ ਵਿਧਾਇਕ ਚਰਨਜੀਤ ਸਿੰਘ ਦਾ ਸਵਾਗਤ ਕਰਦੇ ਹੋਏ।
